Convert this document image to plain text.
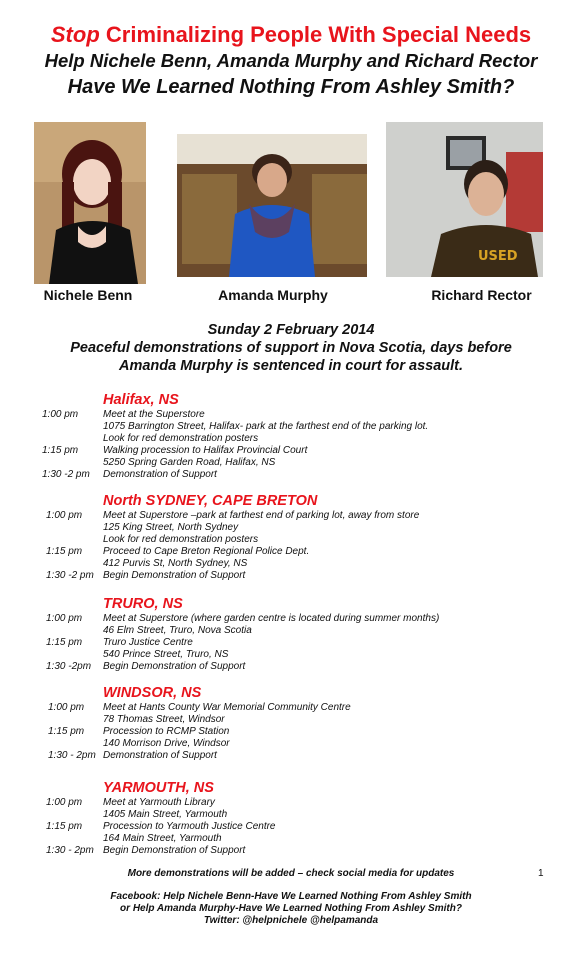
Stop Criminalizing People With Special Needs
Help Nichele Benn, Amanda Murphy and Richard Rector
Have We Learned Nothing From Ashley Smith?
USED
Nichele Benn	Amanda Murphy	Richard Rector
Sunday 2 February 2014
Peaceful demonstrations of support in Nova Scotia, days before
Amanda Murphy is sentenced in court for assault.
Halifax, NS
1:00 pm Meet at the Superstore
1075 Barrington Street, Halifax- park at the farthest end of the parking lot.
Look for red demonstration posters
1:15 pm Walking procession to Halifax Provincial Court
5250 Spring Garden Road, Halifax, NS
1:30 -2 pm Demonstration of Support
North SYDNEY, CAPE BRETON
1:00 pm Meet at Superstore –park at farthest end of parking lot, away from store
125 King Street, North Sydney
Look for red demonstration posters
1:15 pm Proceed to Cape Breton Regional Police Dept.
412 Purvis St, North Sydney, NS
1:30 -2 pm Begin Demonstration of Support
TRURO, NS
1:00 pm Meet at Superstore (where garden centre is located during summer months)
46 Elm Street, Truro, Nova Scotia
1:15 pm Truro Justice Centre
540 Prince Street, Truro, NS
1:30 -2pm Begin Demonstration of Support
WINDSOR, NS
1:00 pm Meet at Hants County War Memorial Community Centre
78 Thomas Street, Windsor
1:15 pm Procession to RCMP Station
140 Morrison Drive, Windsor
1:30 - 2pm Demonstration of Support
YARMOUTH, NS
1:00 pm Meet at Yarmouth Library
1405 Main Street, Yarmouth
1:15 pm Procession to Yarmouth Justice Centre
164 Main Street, Yarmouth
1:30 - 2pm Begin Demonstration of Support
More demonstrations will be added – check social media for updates	1
Facebook: Help Nichele Benn-Have We Learned Nothing From Ashley Smith
or Help Amanda Murphy-Have We Learned Nothing From Ashley Smith?
Twitter: @helpnichele @helpamanda
